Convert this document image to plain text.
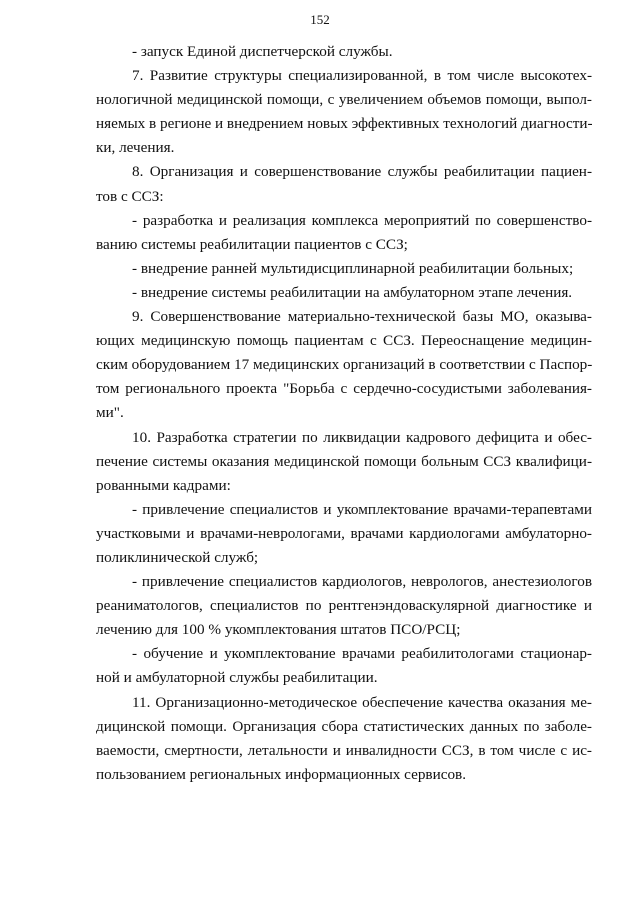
152
- запуск Единой диспетчерской службы.
7. Развитие структуры специализированной, в том числе высокотех-
нологичной медицинской помощи, с увеличением объемов помощи, выпол-
няемых в регионе и внедрением новых эффективных технологий диагности-
ки, лечения.
8. Организация и совершенствование службы реабилитации пациен-
тов с ССЗ:
- разработка и реализация комплекса мероприятий по совершенство-
ванию системы реабилитации пациентов с ССЗ;
- внедрение ранней мультидисциплинарной реабилитации больных;
- внедрение системы реабилитации на амбулаторном этапе лечения.
9. Совершенствование материально-технической базы МО, оказыва-
ющих медицинскую помощь пациентам с ССЗ. Переоснащение медицин-
ским оборудованием 17 медицинских организаций в соответствии с Паспор-
том регионального проекта "Борьба с сердечно-сосудистыми заболевания-
ми".
10. Разработка стратегии по ликвидации кадрового дефицита и обес-
печение системы оказания медицинской помощи больным ССЗ квалифици-
рованными кадрами:
- привлечение специалистов и укомплектование врачами-терапевтами
участковыми и врачами-неврологами, врачами кардиологами амбулаторно-
поликлинической служб;
- привлечение специалистов кардиологов, неврологов, анестезиологов
реаниматологов, специалистов по рентгенэндоваскулярной диагностике и
лечению для 100 % укомплектования штатов ПСО/РСЦ;
- обучение и укомплектование врачами реабилитологами стационар-
ной и амбулаторной службы реабилитации.
11. Организационно-методическое обеспечение качества оказания ме-
дицинской помощи. Организация сбора статистических данных по заболе-
ваемости, смертности, летальности и инвалидности ССЗ, в том числе с ис-
пользованием региональных информационных сервисов.
